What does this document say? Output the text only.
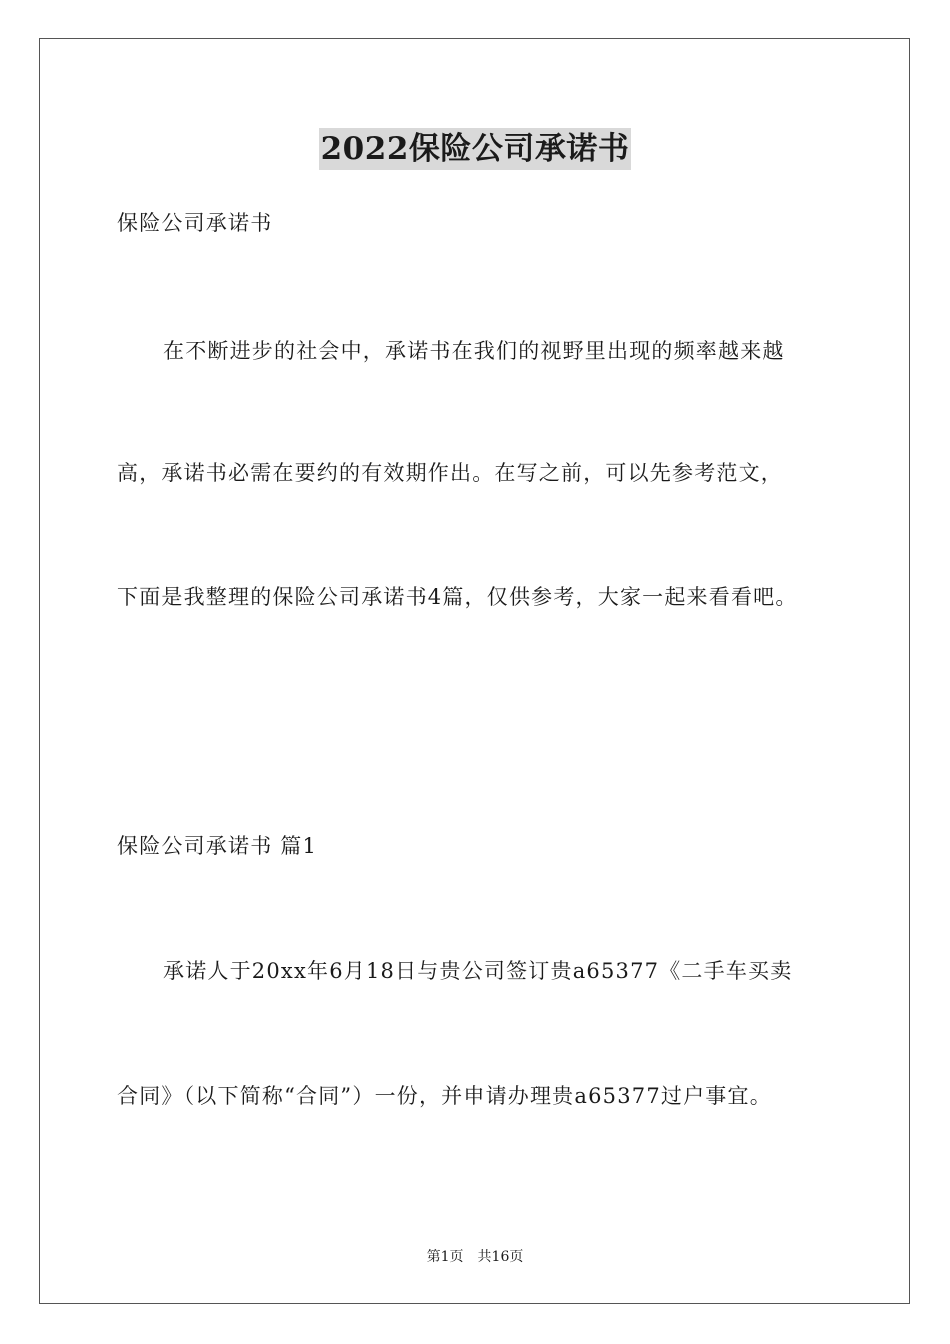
2022保险公司承诺书
保险公司承诺书
在不断进步的社会中，承诺书在我们的视野里出现的频率越来越
高，承诺书必需在要约的有效期作出。在写之前，可以先参考范文，
下面是我整理的保险公司承诺书4篇，仅供参考，大家一起来看看吧。
保险公司承诺书 篇1
承诺人于20xx年6月18日与贵公司签订贵a65377《二手车买卖
合同》（以下简称“合同”）一份，并申请办理贵a65377过户事宜。
第1页 共16页
